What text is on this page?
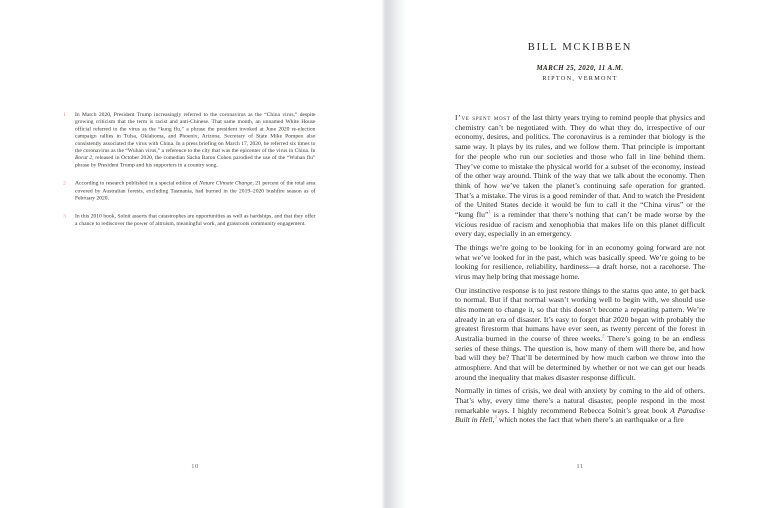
1 In March 2020, President Trump increasingly referred to the coronavirus as the “China virus,” despite growing criticism that the term is racist and anti-Chinese. That same month, an unnamed White House official referred to the virus as the “kung flu,” a phrase the president invoked at June 2020 re-election campaign rallies in Tulsa, Oklahoma, and Phoenix, Arizona. Secretary of State Mike Pompeo also consistently associated the virus with China. In a press briefing on March 17, 2020, he referred six times to the coronavirus as the “Wuhan virus,” a reference to the city that was the epicenter of the virus in China. In Borat 2, released in October 2020, the comedian Sacha Baron Cohen parodied the use of the “Wuhan flu” phrase by President Trump and his supporters in a country song.
2 According to research published in a special edition of Nature Climate Change, 21 percent of the total area covered by Australian forests, excluding Tasmania, had burned in the 2019–2020 bushfire season as of February 2020.
3 In this 2010 book, Solnit asserts that catastrophes are opportunities as well as hardships, and that they offer a chance to rediscover the power of altruism, meaningful work, and grassroots community engagement.
10
BILL MCKIBBEN
MARCH 25, 2020, 11 A.M.
RIPTON, VERMONT
I’ve spent most of the last thirty years trying to remind people that physics and chemistry can’t be negotiated with. They do what they do, irrespective of our economy, desires, and politics. The coronavirus is a reminder that biology is the same way. It plays by its rules, and we follow them. That principle is important for the people who run our societies and those who fall in line behind them. They’ve come to mistake the physical world for a subset of the economy, instead of the other way around. Think of the way that we talk about the economy. Then think of how we’ve taken the planet’s continuing safe operation for granted. That’s a mistake. The virus is a good reminder of that. And to watch the President of the United States decide it would be fun to call it the “China virus” or the “kung flu”$^1$ is a reminder that there’s nothing that can’t be made worse by the vicious residue of racism and xenophobia that makes life on this planet difficult every day, especially in an emergency.
The things we’re going to be looking for in an economy going forward are not what we’ve looked for in the past, which was basically speed. We’re going to be looking for resilience, reliability, hardiness—a draft horse, not a racehorse. The virus may help bring that message home.
Our instinctive response is to just restore things to the status quo ante, to get back to normal. But if that normal wasn’t working well to begin with, we should use this moment to change it, so that this doesn’t become a repeating pattern. We’re already in an era of disaster. It’s easy to forget that 2020 began with probably the greatest firestorm that humans have ever seen, as twenty percent of the forest in Australia burned in the course of three weeks.$^2$ There’s going to be an endless series of these things. The question is, how many of them will there be, and how bad will they be? That’ll be determined by how much carbon we throw into the atmosphere. And that will be determined by whether or not we can get our heads around the inequality that makes disaster response difficult.
Normally in times of crisis, we deal with anxiety by coming to the aid of others. That’s why, every time there’s a natural disaster, people respond in the most remarkable ways. I highly recommend Rebecca Solnit’s great book A Paradise Built in Hell,$^3$ which notes the fact that when there’s an earthquake or a fire
11
